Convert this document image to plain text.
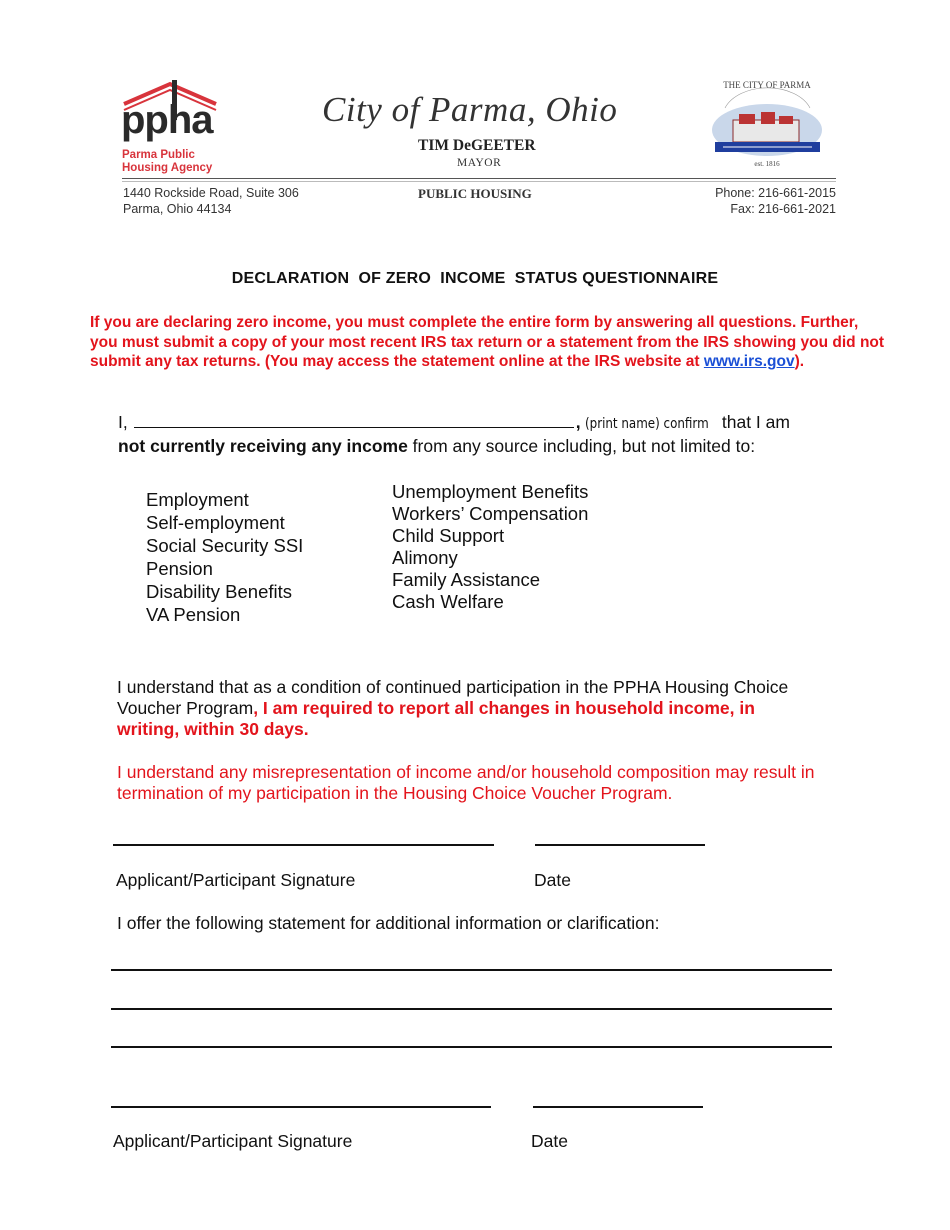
ppha
Parma Public
Housing Agency
City of Parma, Ohio
TIM DeGEETER
MAYOR
THE CITY OF PARMA
est. 1816
1440 Rockside Road, Suite 306
Parma, Ohio 44134
PUBLIC HOUSING	Phone: 216-661-2015
Fax: 216-661-2021
DECLARATION  OF ZERO  INCOME  STATUS QUESTIONNAIRE
If you are declaring zero income, you must complete the entire form by answering all questions. Further, you must submit a copy of your most recent IRS tax return or a statement from the IRS showing you did not submit any tax returns. (You may access the statement online at the IRS website at www.irs.gov).
I,	, (print name) confirm that I am
not currently receiving any income from any source including, but not limited to:
Employment
Self-employment
Social Security SSI
Pension
Disability Benefits
VA Pension
Unemployment Benefits
Workers’ Compensation
Child Support
Alimony
Family Assistance
Cash Welfare
I understand that as a condition of continued participation in the PPHA Housing Choice Voucher Program, I am required to report all changes in household income, in writing, within 30 days.
I understand any misrepresentation of income and/or household composition may result in termination of my participation in the Housing Choice Voucher Program.
Applicant/Participant Signature	Date
I offer the following statement for additional information or clarification:
Applicant/Participant Signature	Date
